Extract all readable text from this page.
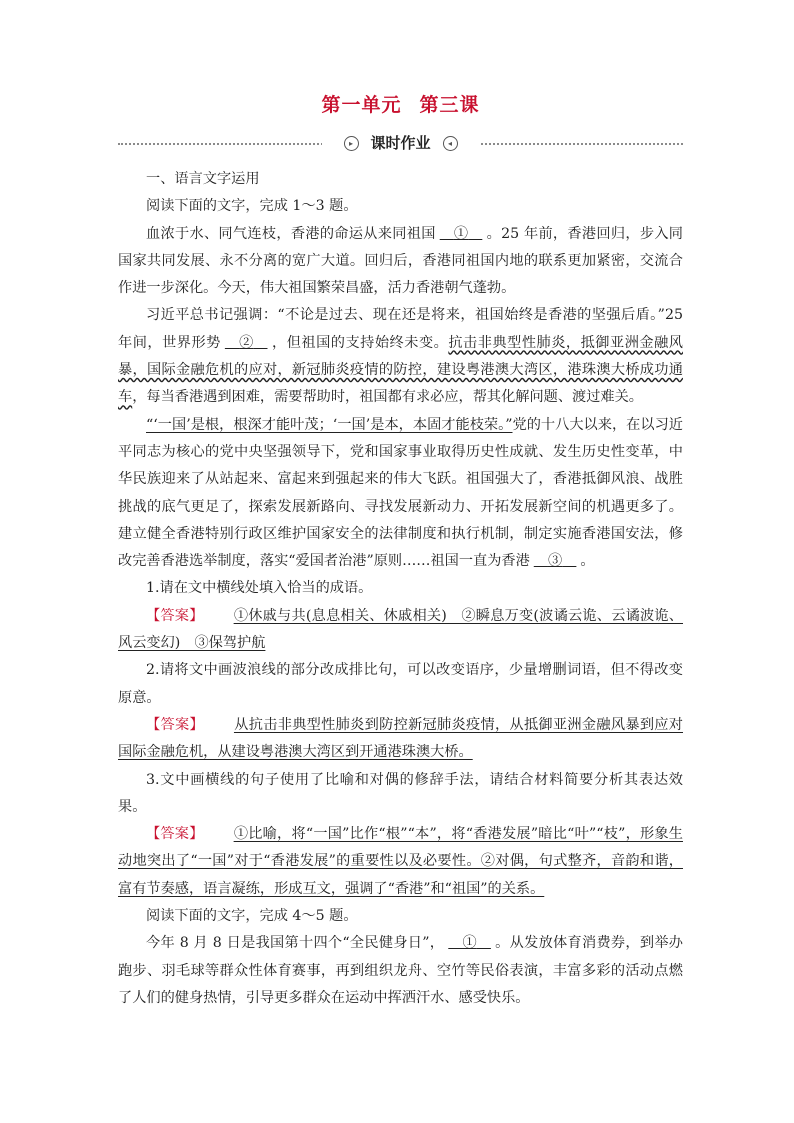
第一单元 第三课
▸ 课时作业 ◂

一、语言文字运用

阅读下面的文字，完成 1～3 题。

血浓于水、同气连枝，香港的命运从来同祖国　 ①　 。25 年前，香港回归，步入同国家共同发展、永不分离的宽广大道。回归后，香港同祖国内地的联系更加紧密，交流合作进一步深化。今天，伟大祖国繁荣昌盛，活力香港朝气蓬勃。

习近平总书记强调：“不论是过去、现在还是将来，祖国始终是香港的坚强后盾。”25 年间，世界形势　 ②　 ，但祖国的支持始终未变。抗击非典型性肺炎，抵御亚洲金融风暴，国际金融危机的应对，新冠肺炎疫情的防控，建设粤港澳大湾区，港珠澳大桥成功通车，每当香港遇到困难，需要帮助时，祖国都有求必应，帮其化解问题、渡过难关。

“‘一国’是根，根深才能叶茂；‘一国’是本，本固才能枝荣。”党的十八大以来，在以习近平同志为核心的党中央坚强领导下，党和国家事业取得历史性成就、发生历史性变革，中华民族迎来了从站起来、富起来到强起来的伟大飞跃。祖国强大了，香港抵御风浪、战胜挑战的底气更足了，探索发展新路向、寻找发展新动力、开拓发展新空间的机遇更多了。建立健全香港特别行政区维护国家安全的法律制度和执行机制，制定实施香港国安法，修改完善香港选举制度，落实“爱国者治港”原则……祖国一直为香港　 ③　 。

1.请在文中横线处填入恰当的成语。

【答案】 ①休戚与共(息息相关、休戚相关)　②瞬息万变(波谲云诡、云谲波诡、风云变幻)　③保驾护航

2.请将文中画波浪线的部分改成排比句，可以改变语序，少量增删词语，但不得改变原意。

【答案】 从抗击非典型性肺炎到防控新冠肺炎疫情，从抵御亚洲金融风暴到应对国际金融危机，从建设粤港澳大湾区到开通港珠澳大桥。

3.文中画横线的句子使用了比喻和对偶的修辞手法，请结合材料简要分析其表达效果。

【答案】 ①比喻，将“一国”比作“根”“本”，将“香港发展”暗比“叶”“枝”，形象生动地突出了“一国”对于“香港发展”的重要性以及必要性。②对偶，句式整齐，音韵和谐，富有节奏感，语言凝练，形成互文，强调了“香港”和“祖国”的关系。

阅读下面的文字，完成 4～5 题。

今年 8 月 8 日是我国第十四个“全民健身日”，　 ①　 。从发放体育消费券，到举办跑步、羽毛球等群众性体育赛事，再到组织龙舟、空竹等民俗表演，丰富多彩的活动点燃了人们的健身热情，引导更多群众在运动中挥洒汗水、感受快乐。
